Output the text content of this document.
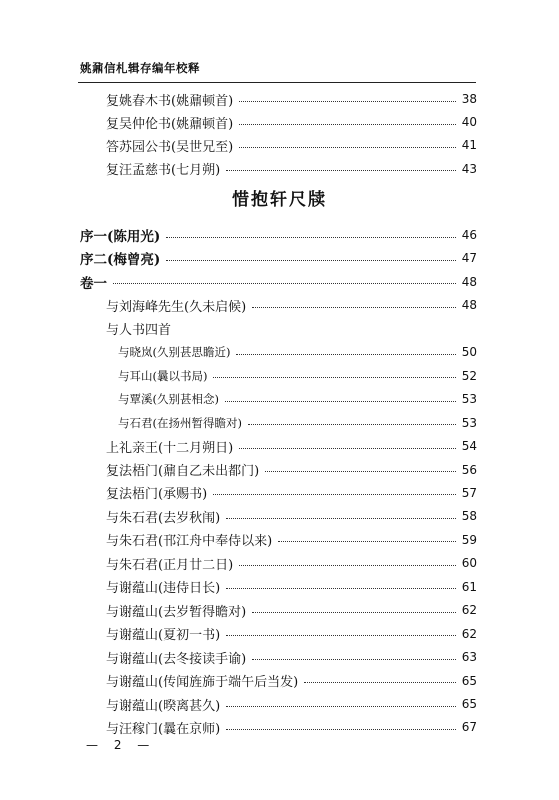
姚鼐信札辑存编年校释
复姚春木书(姚鼐顿首)	38
复吴仲伦书(姚鼐顿首)	40
答苏园公书(吴世兄至)	41
复汪孟慈书(七月朔)	43
序一(陈用光)	46
序二(梅曾亮)	47
卷一	48
与刘海峰先生(久未启候)	48
与人书四首
与晓岚(久别甚思瞻近)	50
与耳山(曩以书局)	52
与覃溪(久别甚相念)	53
与石君(在扬州暂得瞻对)	53
上礼亲王(十二月朔日)	54
复法梧门(鼐自乙未出都门)	56
复法梧门(承赐书)	57
与朱石君(去岁秋闱)	58
与朱石君(邗江舟中奉侍以来)	59
与朱石君(正月廿二日)	60
与谢蕴山(违侍日长)	61
与谢蕴山(去岁暂得瞻对)	62
与谢蕴山(夏初一书)	62
与谢蕴山(去冬接读手谕)	63
与谢蕴山(传闻旌旆于端午后当发)	65
与谢蕴山(暌离甚久)	65
与汪稼门(曩在京师)	67
惜抱轩尺牍
— 2 —
